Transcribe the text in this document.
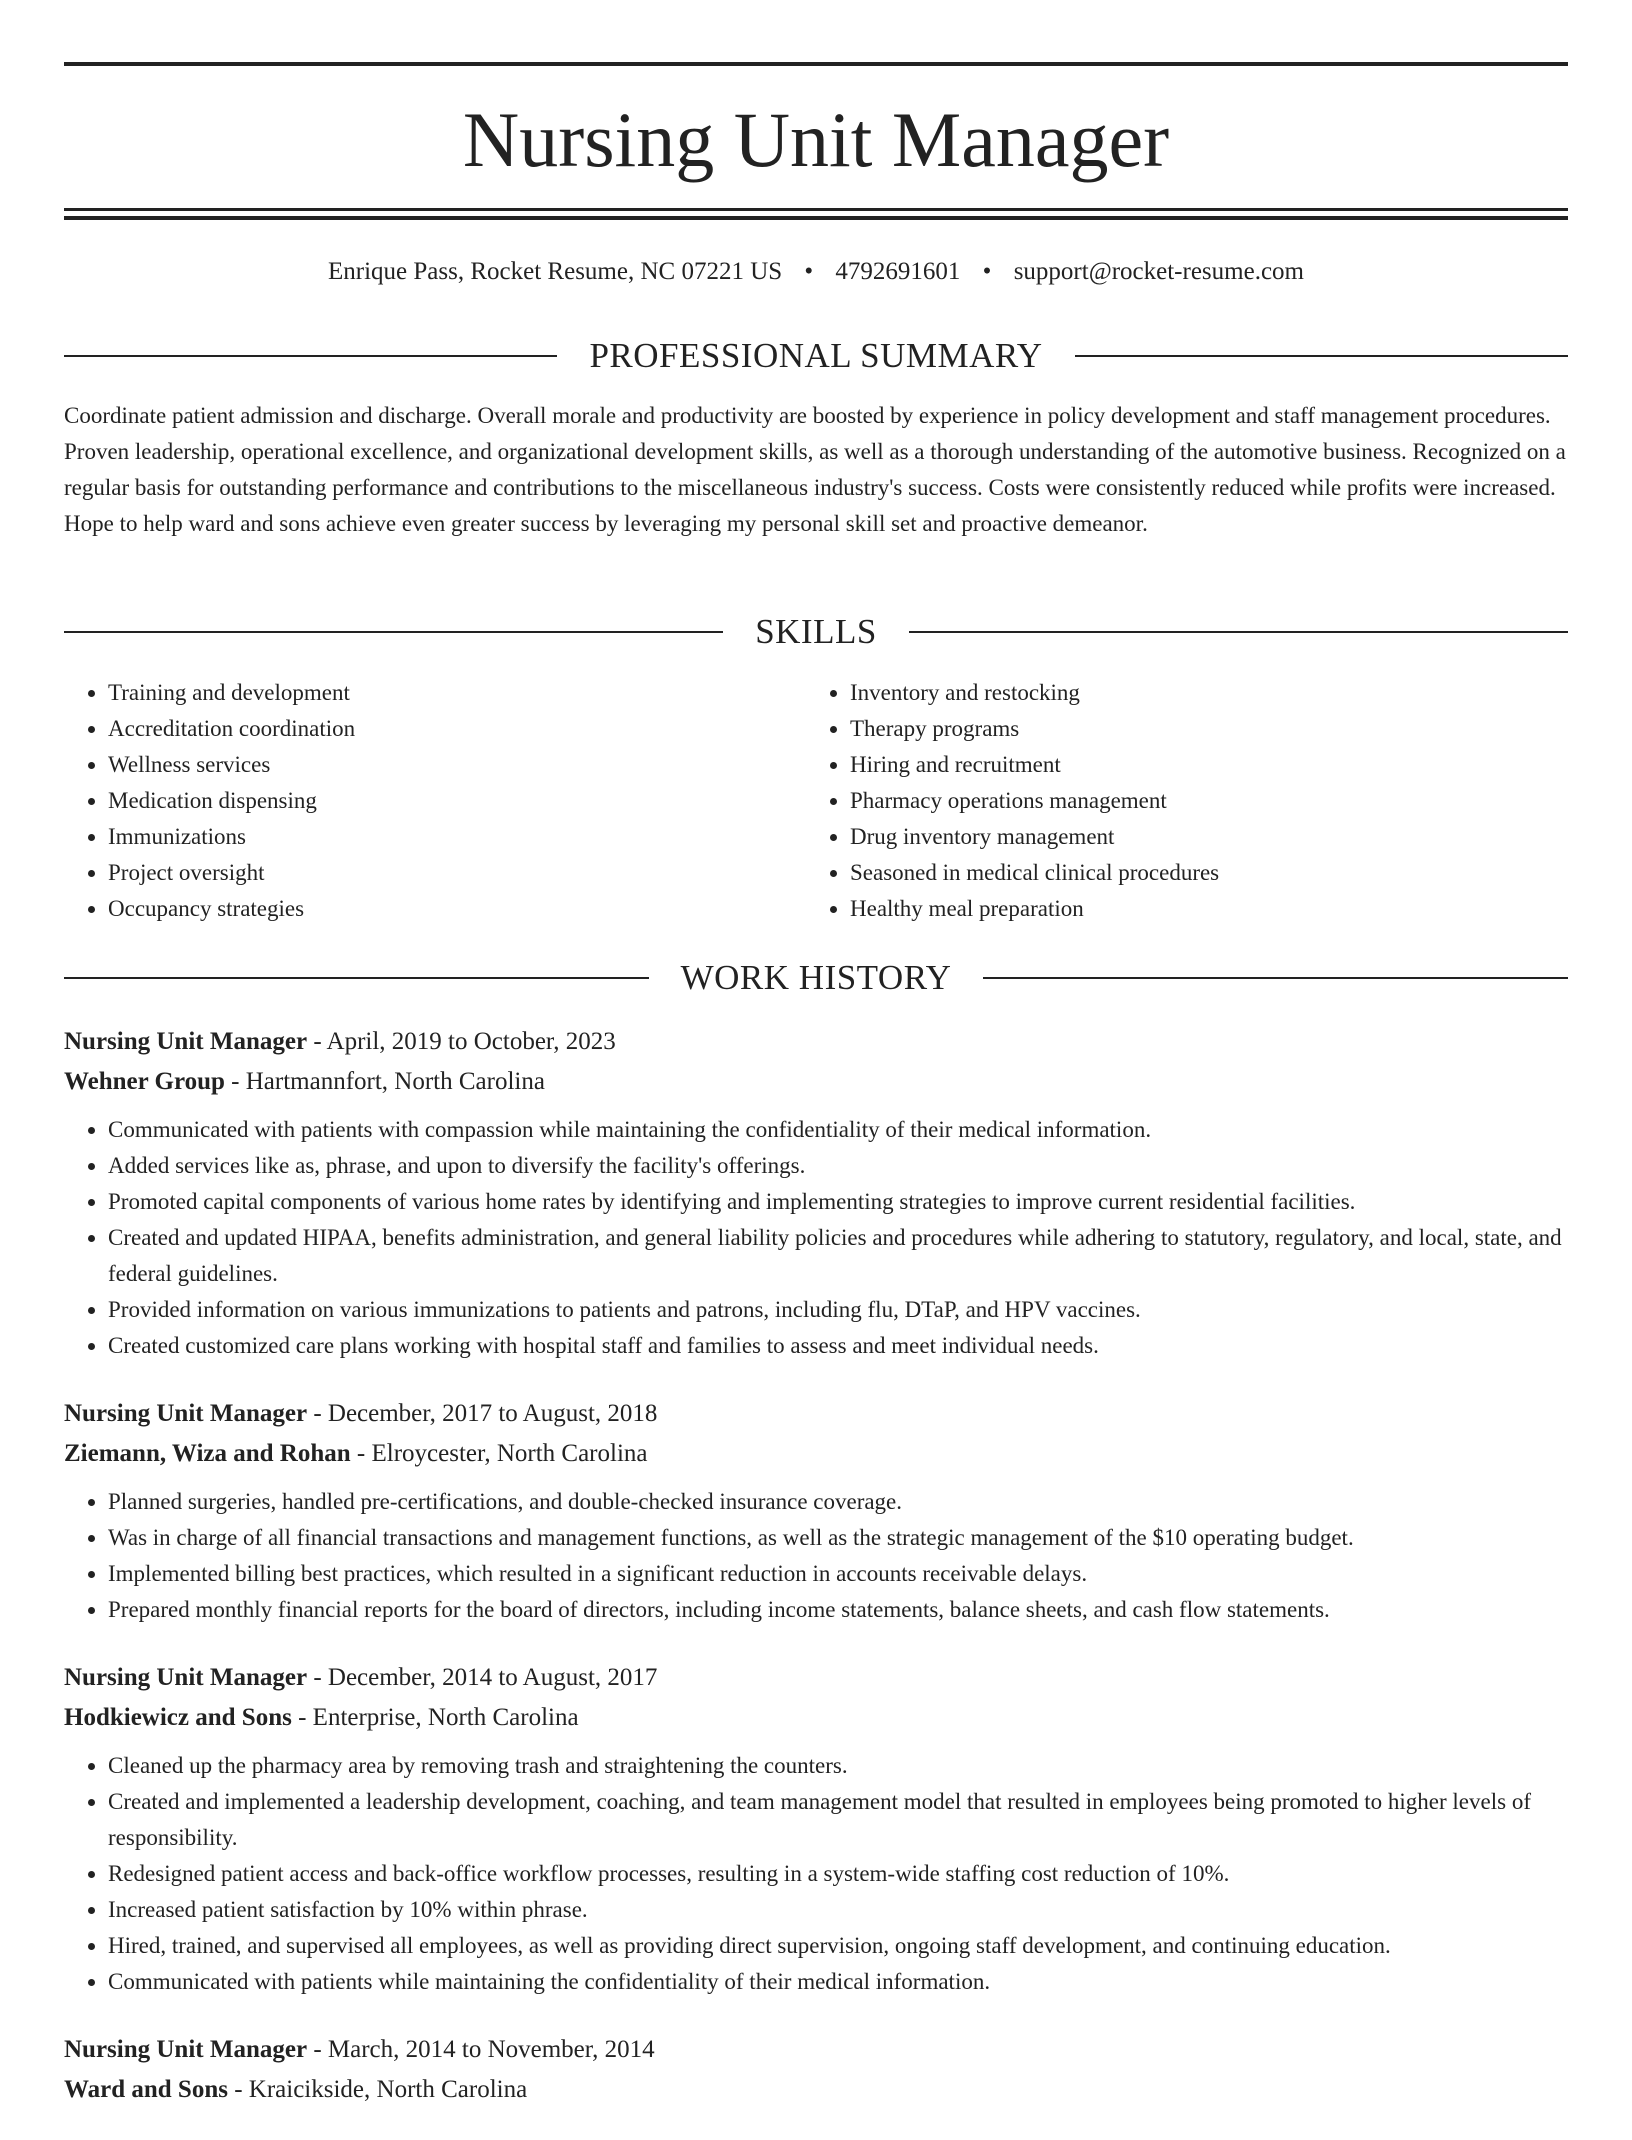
Nursing Unit Manager
Enrique Pass, Rocket Resume, NC 07221 US • 4792691601 • support@rocket-resume.com
PROFESSIONAL SUMMARY

Coordinate patient admission and discharge. Overall morale and productivity are boosted by experience in policy development and staff management procedures. Proven leadership, operational excellence, and organizational development skills, as well as a thorough understanding of the automotive business. Recognized on a regular basis for outstanding performance and contributions to the miscellaneous industry's success. Costs were consistently reduced while profits were increased. Hope to help ward and sons achieve even greater success by leveraging my personal skill set and proactive demeanor.

SKILLS
• Training and development
• Accreditation coordination
• Wellness services
• Medication dispensing
• Immunizations
• Project oversight
• Occupancy strategies
• Inventory and restocking
• Therapy programs
• Hiring and recruitment
• Pharmacy operations management
• Drug inventory management
• Seasoned in medical clinical procedures
• Healthy meal preparation
WORK HISTORY
Nursing Unit Manager - April, 2019 to October, 2023
Wehner Group - Hartmannfort, North Carolina
• Communicated with patients with compassion while maintaining the confidentiality of their medical information.
• Added services like as, phrase, and upon to diversify the facility's offerings.
• Promoted capital components of various home rates by identifying and implementing strategies to improve current residential facilities.
• Created and updated HIPAA, benefits administration, and general liability policies and procedures while adhering to statutory, regulatory, and local, state, and federal guidelines.
• Provided information on various immunizations to patients and patrons, including flu, DTaP, and HPV vaccines.
• Created customized care plans working with hospital staff and families to assess and meet individual needs.
Nursing Unit Manager - December, 2017 to August, 2018
Ziemann, Wiza and Rohan - Elroycester, North Carolina
• Planned surgeries, handled pre-certifications, and double-checked insurance coverage.
• Was in charge of all financial transactions and management functions, as well as the strategic management of the $10 operating budget.
• Implemented billing best practices, which resulted in a significant reduction in accounts receivable delays.
• Prepared monthly financial reports for the board of directors, including income statements, balance sheets, and cash flow statements.
Nursing Unit Manager - December, 2014 to August, 2017
Hodkiewicz and Sons - Enterprise, North Carolina
• Cleaned up the pharmacy area by removing trash and straightening the counters.
• Created and implemented a leadership development, coaching, and team management model that resulted in employees being promoted to higher levels of responsibility.
• Redesigned patient access and back-office workflow processes, resulting in a system-wide staffing cost reduction of 10%.
• Increased patient satisfaction by 10% within phrase.
• Hired, trained, and supervised all employees, as well as providing direct supervision, ongoing staff development, and continuing education.
• Communicated with patients while maintaining the confidentiality of their medical information.
Nursing Unit Manager - March, 2014 to November, 2014
Ward and Sons - Kraicikside, North Carolina
